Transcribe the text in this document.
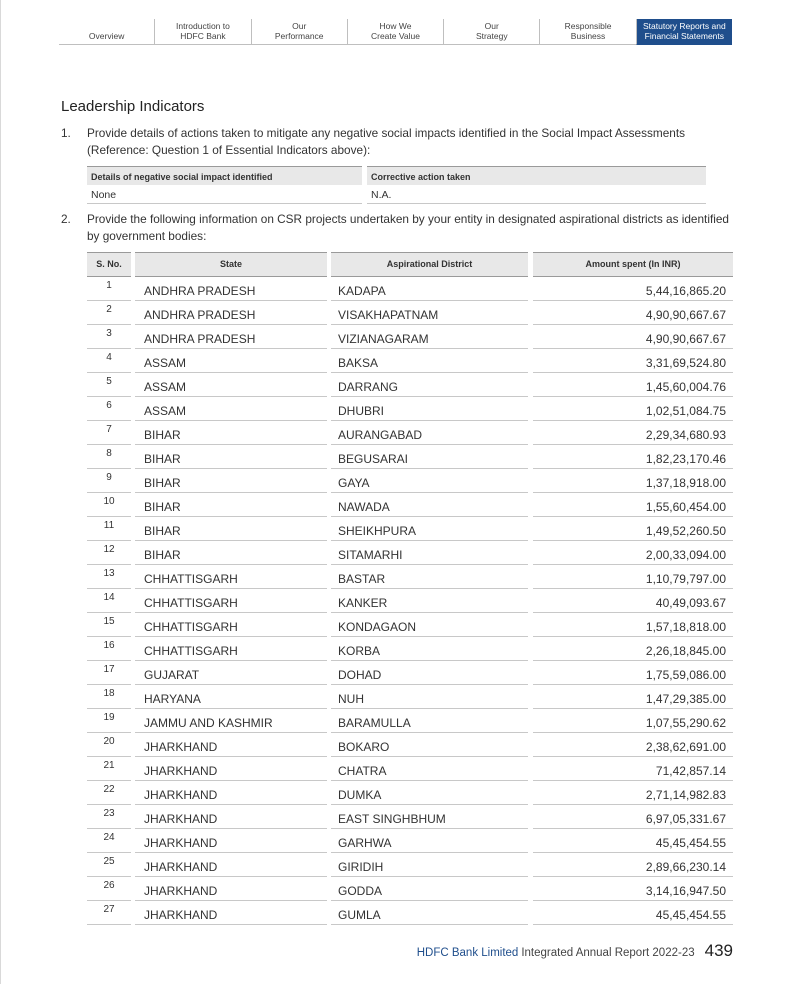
Overview
Introduction to
HDFC Bank
Our
Performance
How We
Create Value
Our
Strategy
Responsible
Business
Statutory Reports and
Financial Statements
Leadership Indicators
1. Provide details of actions taken to mitigate any negative social impacts identified in the Social Impact Assessments (Reference: Question 1 of Essential Indicators above):
Details of negative social impact identified	Corrective action taken
None	N.A.
2. Provide the following information on CSR projects undertaken by your entity in designated aspirational districts as identified by government bodies:
S. No.	State	Aspirational District	Amount spent (In INR)
1	ANDHRA PRADESH	KADAPA	5,44,16,865.20
2	ANDHRA PRADESH	VISAKHAPATNAM	4,90,90,667.67
3	ANDHRA PRADESH	VIZIANAGARAM	4,90,90,667.67
4	ASSAM	BAKSA	3,31,69,524.80
5	ASSAM	DARRANG	1,45,60,004.76
6	ASSAM	DHUBRI	1,02,51,084.75
7	BIHAR	AURANGABAD	2,29,34,680.93
8	BIHAR	BEGUSARAI	1,82,23,170.46
9	BIHAR	GAYA	1,37,18,918.00
10	BIHAR	NAWADA	1,55,60,454.00
11	BIHAR	SHEIKHPURA	1,49,52,260.50
12	BIHAR	SITAMARHI	2,00,33,094.00
13	CHHATTISGARH	BASTAR	1,10,79,797.00
14	CHHATTISGARH	KANKER	40,49,093.67
15	CHHATTISGARH	KONDAGAON	1,57,18,818.00
16	CHHATTISGARH	KORBA	2,26,18,845.00
17	GUJARAT	DOHAD	1,75,59,086.00
18	HARYANA	NUH	1,47,29,385.00
19	JAMMU AND KASHMIR	BARAMULLA	1,07,55,290.62
20	JHARKHAND	BOKARO	2,38,62,691.00
21	JHARKHAND	CHATRA	71,42,857.14
22	JHARKHAND	DUMKA	2,71,14,982.83
23	JHARKHAND	EAST SINGHBHUM	6,97,05,331.67
24	JHARKHAND	GARHWA	45,45,454.55
25	JHARKHAND	GIRIDIH	2,89,66,230.14
26	JHARKHAND	GODDA	3,14,16,947.50
27	JHARKHAND	GUMLA	45,45,454.55
HDFC Bank Limited Integrated Annual Report 2022-23 439
